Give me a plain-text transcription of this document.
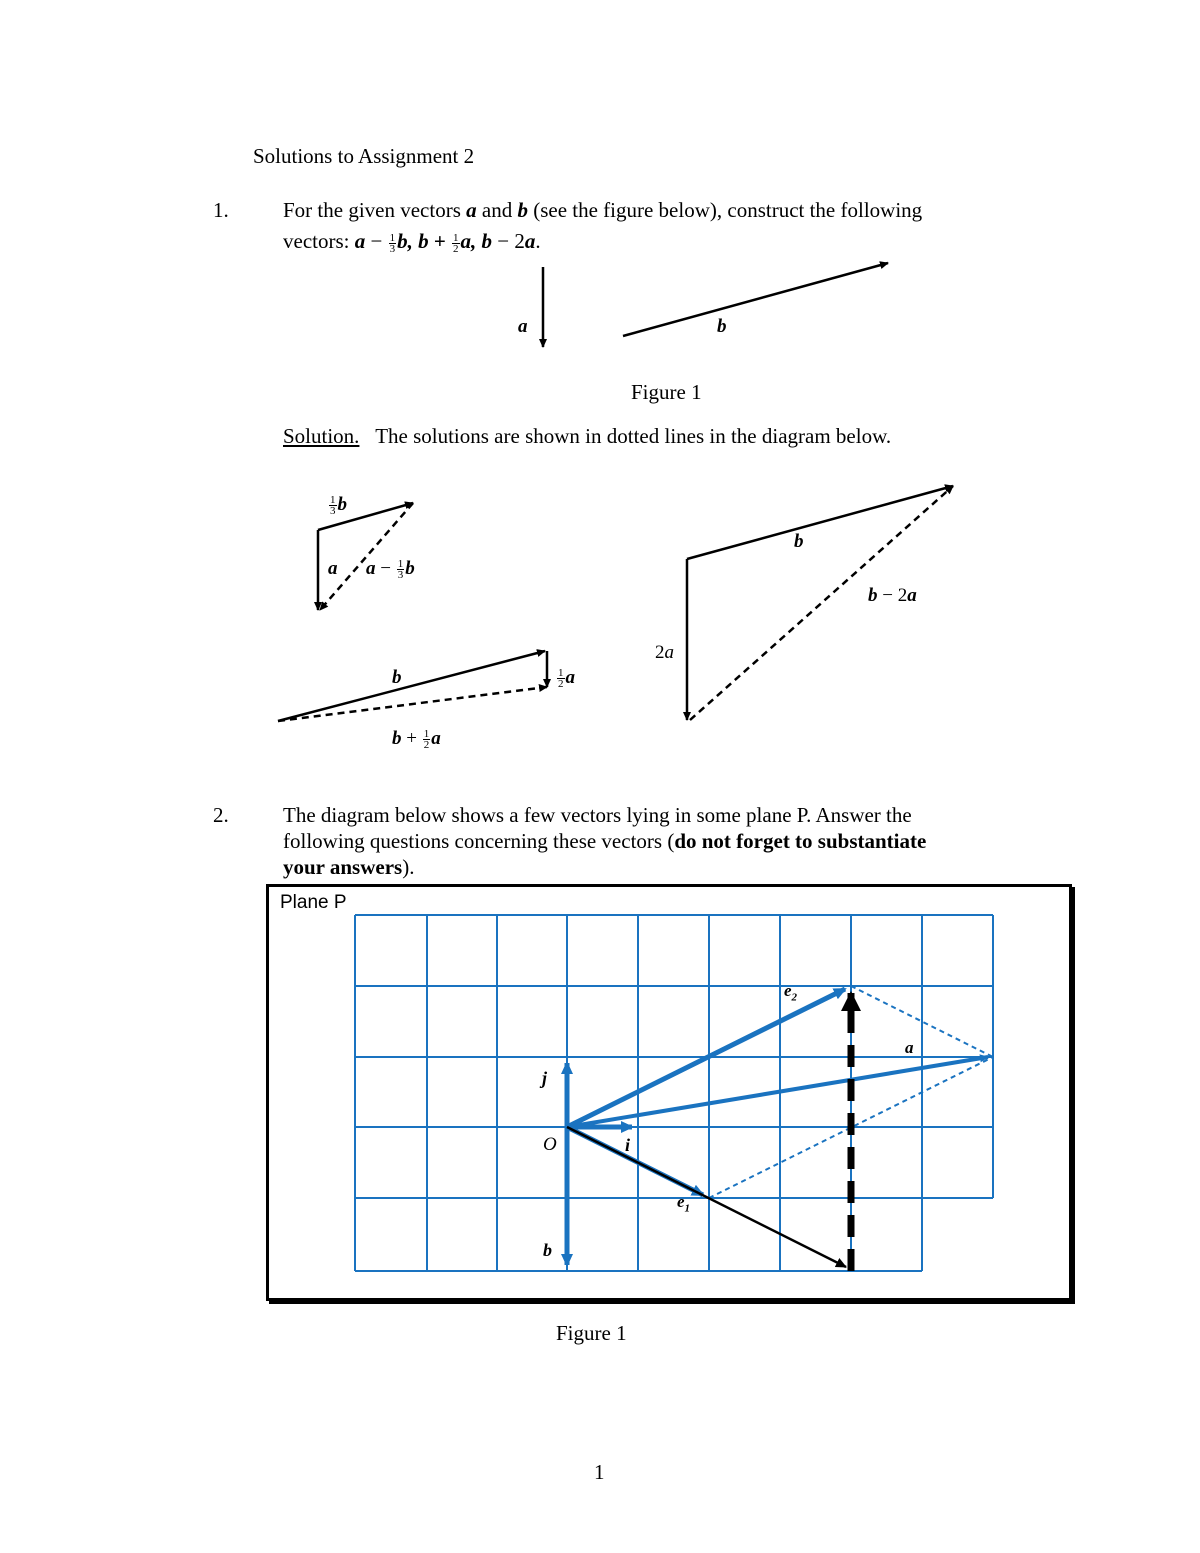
Solutions to Assignment 2
1.	For the given vectors a and b (see the figure below), construct the following
vectors: $a - \frac{1}{3} b$, $b + \frac{1}{2} a$, b − 2a.
a	b
Figure 1
Solution. The solutions are shown in dotted lines in the diagram below.
$\frac{1}{3}$ b
a $a - \frac{1}{3}$ b
b	$\frac{1}{2}$ a
$b + \frac{1}{2}$ a
b
b − 2a
2a
2.	The diagram below shows a few vectors lying in some plane P. Answer the
following questions concerning these vectors (do not forget to substantiate
your answers).
Plane P
$e_2$
a
j
O	i
$e_1$
b
Figure 1
1
